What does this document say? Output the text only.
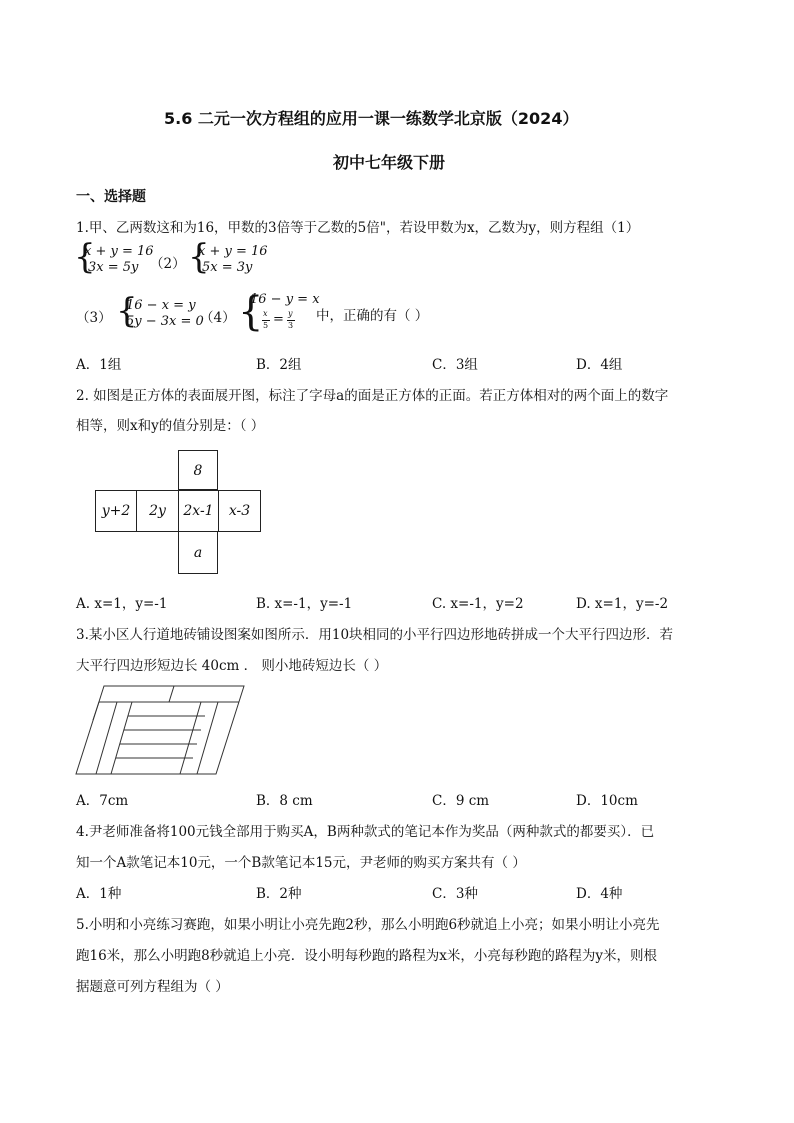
5.6 二元一次方程组的应用一课一练数学北京版（2024）
初中七年级下册
一、选择题
1.甲、乙两数这和为16，甲数的3倍等于乙数的5倍"，若设甲数为x，乙数为y，则方程组（1）
{
x + y = 16
3x = 5y （2） {
x + y = 16
5x = 3y
（3） {
16 − x = y
5y − 3x = 0
（4） {
16 − y = x
x
5 = y
3
中，正确的有（ ）
A．1组	B．2组	C．3组	D．4组
2. 如图是正方体的表面展开图，标注了字母a的面是正方体的正面。若正方体相对的两个面上的数字
相等，则x和y的值分别是：（ ）
8
y+2	2y	2x-1	x-3
a
A. x=1，y=-1	B. x=-1，y=-1	C. x=-1，y=2	D. x=1，y=-2
3.某小区人行道地砖铺设图案如图所示．用10块相同的小平行四边形地砖拼成一个大平行四边形．若
大平行四边形短边长 40cm ． 则小地砖短边长（ ）
A．7cm	B．8 cm	C．9 cm	D．10cm
4.尹老师准备将100元钱全部用于购买A，B两种款式的笔记本作为奖品（两种款式的都要买）．已
知一个A款笔记本10元，一个B款笔记本15元，尹老师的购买方案共有（ ）
A．1种	B．2种	C．3种	D．4种
5.小明和小亮练习赛跑，如果小明让小亮先跑2秒，那么小明跑6秒就追上小亮；如果小明让小亮先
跑16米，那么小明跑8秒就追上小亮．设小明每秒跑的路程为x米，小亮每秒跑的路程为y米，则根
据题意可列方程组为（ ）
